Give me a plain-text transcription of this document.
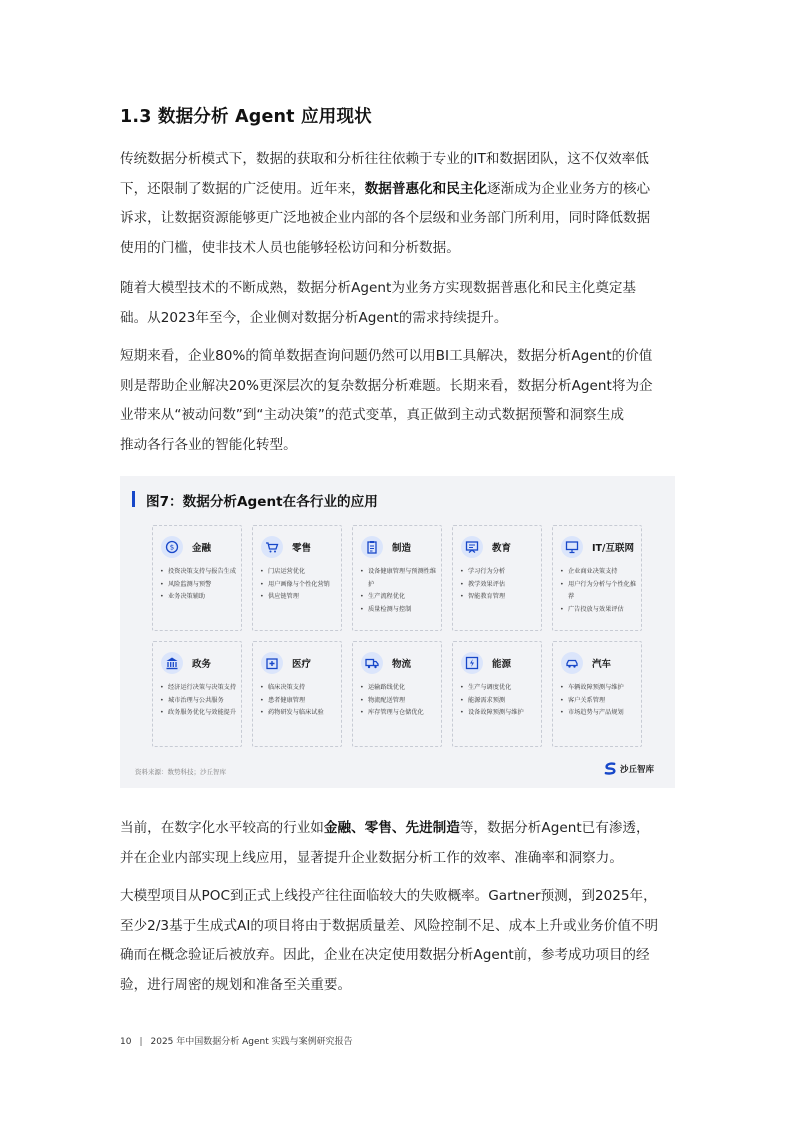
1.3 数据分析 Agent 应用现状
传统数据分析模式下，数据的获取和分析往往依赖于专业的IT和数据团队，这不仅效率低
下，还限制了数据的广泛使用。近年来，数据普惠化和民主化逐渐成为企业业务方的核心
诉求，让数据资源能够更广泛地被企业内部的各个层级和业务部门所利用，同时降低数据
使用的门槛，使非技术人员也能够轻松访问和分析数据。
随着大模型技术的不断成熟，数据分析Agent为业务方实现数据普惠化和民主化奠定基
础。从2023年至今，企业侧对数据分析Agent的需求持续提升。
短期来看，企业80%的简单数据查询问题仍然可以用BI工具解决，数据分析Agent的价值
则是帮助企业解决20%更深层次的复杂数据分析难题。长期来看，数据分析Agent将为企
业带来从“被动问数”到“主动决策”的范式变革，真正做到主动式数据预警和洞察生成
推动各行各业的智能化转型。
图7：数据分析Agent在各行业的应用
$ 金融
• 投资决策支持与报告生成
• 风险监测与预警
• 业务决策辅助
零售
• 门店运营优化
• 用户画像与个性化营销
• 供应链管理
制造
• 设备健康管理与预测性维护
• 生产流程优化
• 质量检测与控制
教育
• 学习行为分析
• 教学效果评估
• 智能教育管理
IT/互联网
• 企业商业决策支持
• 用户行为分析与个性化推荐
• 广告投放与效果评估
政务
• 经济运行决策与决策支持
• 城市治理与公共服务
• 政务服务优化与效能提升
医疗
• 临床决策支持
• 患者健康管理
• 药物研发与临床试验
物流
• 运输路线优化
• 物流配送管理
• 库存管理与仓储优化
能源
• 生产与调度优化
• 能源需求预测
• 设备故障预测与维护
汽车
• 车辆故障预测与维护
• 客户关系管理
• 市场趋势与产品规划
资料来源：数势科技；沙丘智库	沙丘智库
当前，在数字化水平较高的行业如金融、零售、先进制造等，数据分析Agent已有渗透，
并在企业内部实现上线应用，显著提升企业数据分析工作的效率、准确率和洞察力。
大模型项目从POC到正式上线投产往往面临较大的失败概率。Gartner预测，到2025年，
至少2/3基于生成式AI的项目将由于数据质量差、风险控制不足、成本上升或业务价值不明
确而在概念验证后被放弃。因此，企业在决定使用数据分析Agent前，参考成功项目的经
验，进行周密的规划和准备至关重要。
10 | 2025 年中国数据分析 Agent 实践与案例研究报告
